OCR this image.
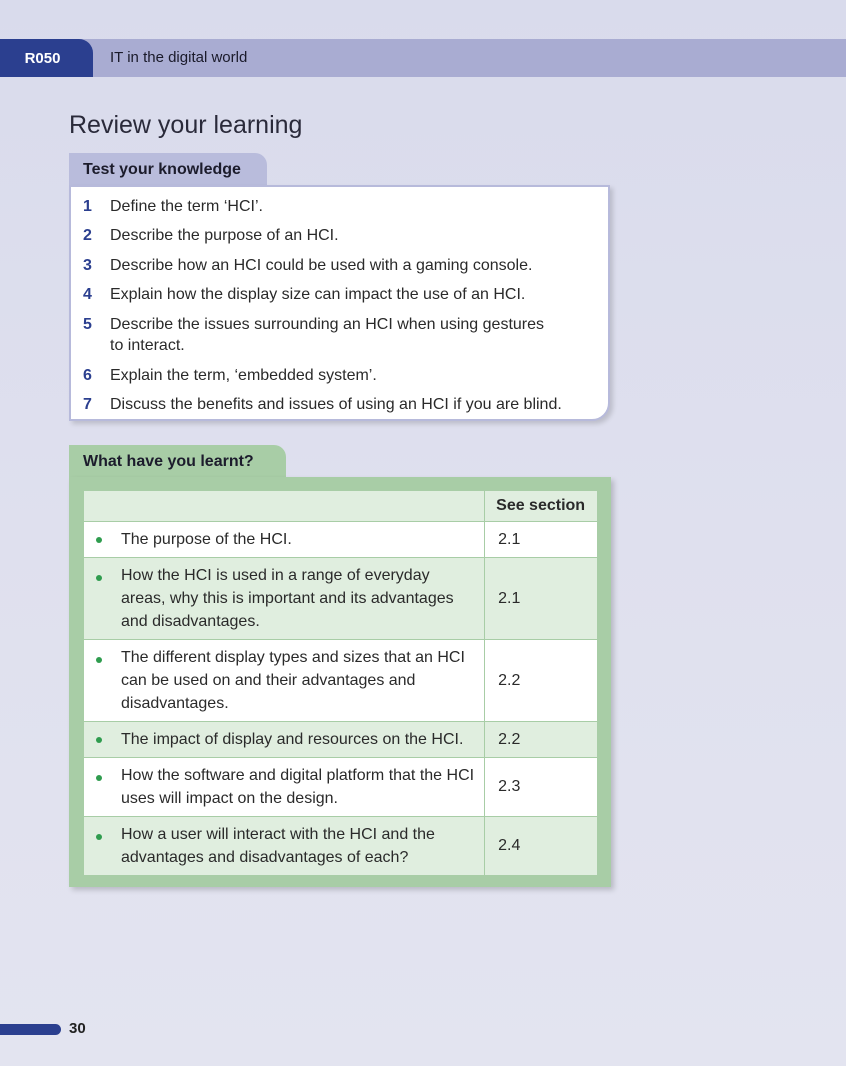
R050	IT in the digital world
Review your learning
Test your knowledge
1	Define the term ‘HCI’.
2	Describe the purpose of an HCI.
3	Describe how an HCI could be used with a gaming console.
4	Explain how the display size can impact the use of an HCI.
5	Describe the issues surrounding an HCI when using gestures to interact.
6	Explain the term, ‘embedded system’.
7	Discuss the benefits and issues of using an HCI if you are blind.
What have you learnt?
	See section

The purpose of the HCI.	2.1

How the HCI is used in a range of everyday areas, why this is important and its advantages and disadvantages.	2.1

The different display types and sizes that an HCI can be used on and their advantages and disadvantages.	2.2

The impact of display and resources on the HCI.	2.2

How the software and digital platform that the HCI uses will impact on the design.	2.3

How a user will interact with the HCI and the advantages and disadvantages of each?	2.4
30
